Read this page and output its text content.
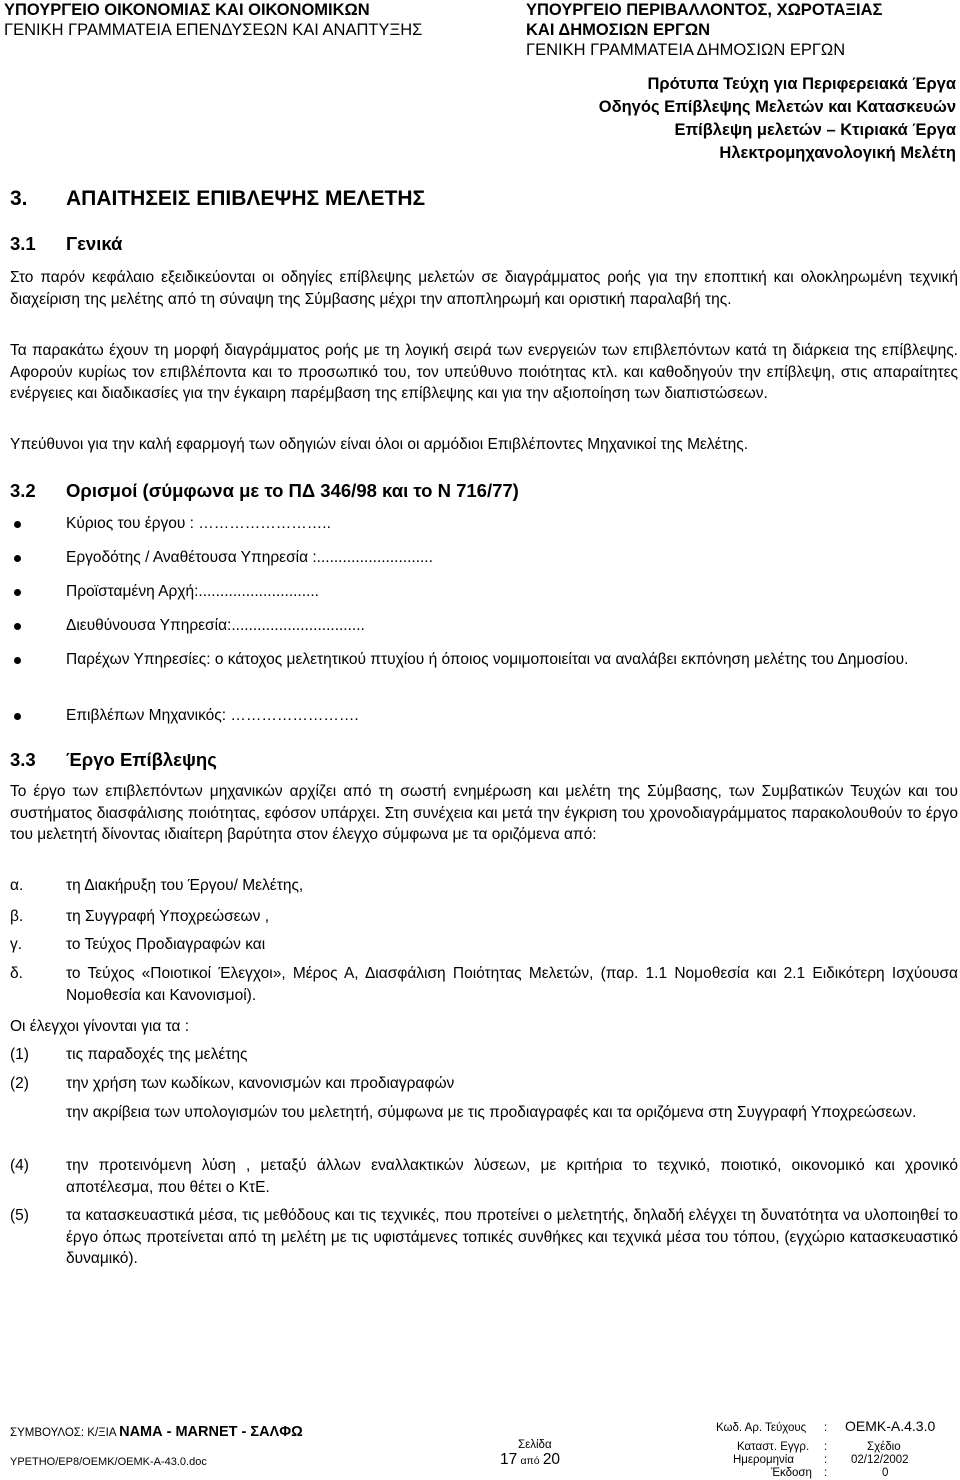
ΥΠΟΥΡΓΕΙΟ ΟΙΚΟΝΟΜΙΑΣ ΚΑΙ ΟΙΚΟΝΟΜΙΚΩΝ
ΓΕΝΙΚΗ ΓΡΑΜΜΑΤΕΙΑ ΕΠΕΝΔΥΣΕΩΝ ΚΑΙ ΑΝΑΠΤΥΞΗΣ
ΥΠΟΥΡΓΕΙΟ ΠΕΡΙΒΑΛΛΟΝΤΟΣ, ΧΩΡΟΤΑΞΙΑΣ
ΚΑΙ ΔΗΜΟΣΙΩΝ ΕΡΓΩΝ
ΓΕΝΙΚΗ ΓΡΑΜΜΑΤΕΙΑ ΔΗΜΟΣΙΩΝ ΕΡΓΩΝ
Πρότυπα Τεύχη για Περιφερειακά Έργα
Οδηγός Επίβλεψης Μελετών και Κατασκευών
Επίβλεψη μελετών – Κτιριακά Έργα
Ηλεκτρομηχανολογική Μελέτη
3. ΑΠΑΙΤΗΣΕΙΣ ΕΠΙΒΛΕΨΗΣ ΜΕΛΕΤΗΣ
3.1 Γενικά
Στο παρόν κεφάλαιο εξειδικεύονται οι οδηγίες επίβλεψης μελετών σε διαγράμματος ροής για την εποπτική και ολοκληρωμένη τεχνική διαχείριση της μελέτης από τη σύναψη της Σύμβασης μέχρι την αποπληρωμή και οριστική παραλαβή της.
Τα παρακάτω έχουν τη μορφή διαγράμματος ροής με τη λογική σειρά των ενεργειών των επιβλεπόντων κατά τη διάρκεια της επίβλεψης. Αφορούν κυρίως τον επιβλέποντα και το προσωπικό του, τον υπεύθυνο ποιότητας κτλ. και καθοδηγούν την επίβλεψη, στις απαραίτητες ενέργειες και διαδικασίες για την έγκαιρη παρέμβαση της επίβλεψης και για την αξιοποίηση των διαπιστώσεων.
Υπεύθυνοι για την καλή εφαρμογή των οδηγιών είναι όλοι οι αρμόδιοι Επιβλέποντες Μηχανικοί της Μελέτης.
3.2 Ορισμοί (σύμφωνα με το ΠΔ 346/98 και το Ν 716/77)
Κύριος του έργου : ……………………..
Εργοδότης / Αναθέτουσα Υπηρεσία :...........................
Προϊσταμένη Αρχή:............................
Διευθύνουσα Υπηρεσία:...............................
Παρέχων Υπηρεσίες: ο κάτοχος μελετητικού πτυχίου ή όποιος νομιμοποιείται να αναλάβει εκπόνηση μελέτης του Δημοσίου.
Επιβλέπων Μηχανικός: …………………….
3.3 Έργο Επίβλεψης
Το έργο των επιβλεπόντων μηχανικών αρχίζει από τη σωστή ενημέρωση και μελέτη της Σύμβασης, των Συμβατικών Τευχών και του συστήματος διασφάλισης ποιότητας, εφόσον υπάρχει. Στη συνέχεια και μετά την έγκριση του χρονοδιαγράμματος παρακολουθούν το έργο του μελετητή δίνοντας ιδιαίτερη βαρύτητα στον έλεγχο σύμφωνα με τα οριζόμενα από:
α.	τη Διακήρυξη του Έργου/ Μελέτης,
β.	τη Συγγραφή Υποχρεώσεων ,
γ.	το Τεύχος Προδιαγραφών και
δ.	το Τεύχος «Ποιοτικοί Έλεγχοι», Μέρος Α, Διασφάλιση Ποιότητας Μελετών, (παρ. 1.1 Νομοθεσία και 2.1 Ειδικότερη Ισχύουσα Νομοθεσία και Κανονισμοί).
Οι έλεγχοι γίνονται για τα :
(1) τις παραδοχές της μελέτης
(2) την χρήση των κωδίκων, κανονισμών και προδιαγραφών
την ακρίβεια των υπολογισμών του μελετητή, σύμφωνα με τις προδιαγραφές και τα οριζόμενα στη Συγγραφή Υποχρεώσεων.
(4) την προτεινόμενη λύση , μεταξύ άλλων εναλλακτικών λύσεων, με κριτήρια το τεχνικό, ποιοτικό, οικονομικό και χρονικό αποτέλεσμα, που θέτει ο ΚτΕ.
(5) τα κατασκευαστικά μέσα, τις μεθόδους και τις τεχνικές, που προτείνει ο μελετητής, δηλαδή ελέγχει τη δυνατότητα να υλοποιηθεί το έργο όπως προτείνεται από τη μελέτη με τις υφιστάμενες τοπικές συνθήκες και τεχνικά μέσα του τόπου, (εγχώριο κατασκευαστικό δυναμικό).
ΣΥΜΒΟΥΛΟΣ: Κ/ΞΙΑ ΝΑΜΑ - ΜΑRΝΕΤ - ΣΑΛΦΩ
ΥΡΕΤΗΟ/ΕΡ8/ΟΕΜΚ/ΟΕΜΚ-Α-43.0.doc
Σελίδα
17 από 20
Κωδ. Αρ. Τεύχους : ΟΕΜΚ-Α.4.3.0
Καταστ. Εγγρ. :	Σχέδιο
Ημερομηνία	: 02/12/2002
Έκδοση :	0
